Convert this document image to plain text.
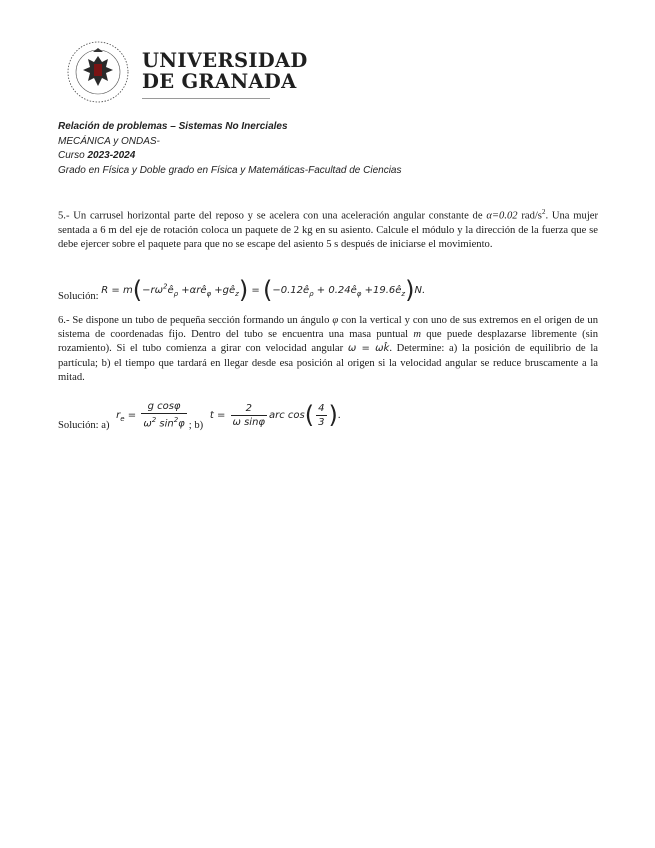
UNIVERSIDAD
DE GRANADA
Relación de problemas – Sistemas No Inerciales
MECÁNICA y ONDAS-
Curso 2023-2024
Grado en Física y Doble grado en Física y Matemáticas-Facultad de Ciencias
5.- Un carrusel horizontal parte del reposo y se acelera con una aceleración angular constante de α=0.02 rad/$s^2$. Una mujer sentada a 6 m del eje de rotación coloca un paquete de 2 kg en su asiento. Calcule el módulo y la dirección de la fuerza que se debe ejercer sobre el paquete para que no se escape del asiento 5 s después de iniciarse el movimiento.
Solución: $R = m(-r\omega^2ê_\rho$ +αrê$_\varphi$ $+gê_z$) = ($-0.12ê_\rho$ + $0.24ê_\varphi$ $+19.6ê_z)N$.
6.- Se dispone un tubo de pequeña sección formando un ángulo φ con la vertical y con uno de sus extremos en el origen de un sistema de coordenadas fijo. Dentro del tubo se encuentra una masa puntual m que puede desplazarse libremente (sin rozamiento). Si el tubo comienza a girar con velocidad angular ω = ωk̂. Determine: a) la posición de equilibrio de la partícula; b) el tiempo que tardará en llegar desde esa posición al origen si la velocidad angular se reduce bruscamente a la mitad.
Solución: a) $r_e = \frac{\text{g cosφ}}{\omega^2 \sin^2\varphi}$ ; b) $t = \frac{2}{\text{ω sinφ}}$ arc $\cos( \frac{4}{3}$ ).
